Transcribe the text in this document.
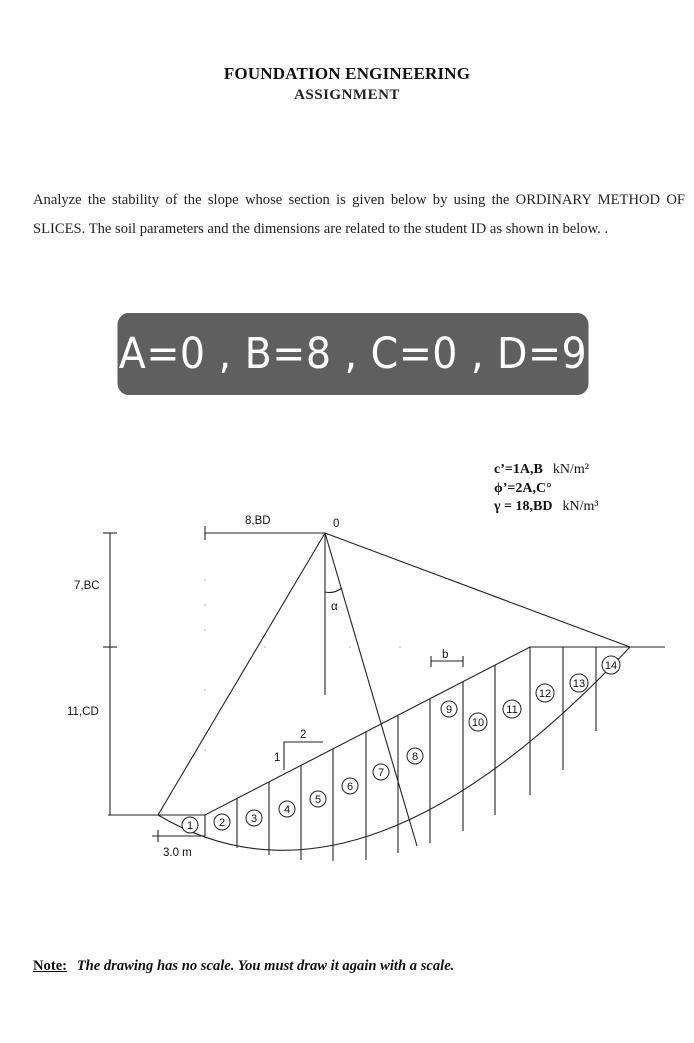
FOUNDATION ENGINEERING
ASSIGNMENT
Analyze the stability of the slope whose section is given below by using the ORDINARY METHOD OF SLICES. The soil parameters and the dimensions are related to the student ID as shown in below. .
A=0 , B=8 , C=0 , D=9
c’=1A,B kN/m²
ϕ’=2A,C°
γ = 18,BD kN/m³
8,BD	0
7,BC
11,CD
α
b
2
1
3.0 m
1 2 3
4
5
6
7
8
9
10
11
12
13
14
Note: The drawing has no scale. You must draw it again with a scale.
